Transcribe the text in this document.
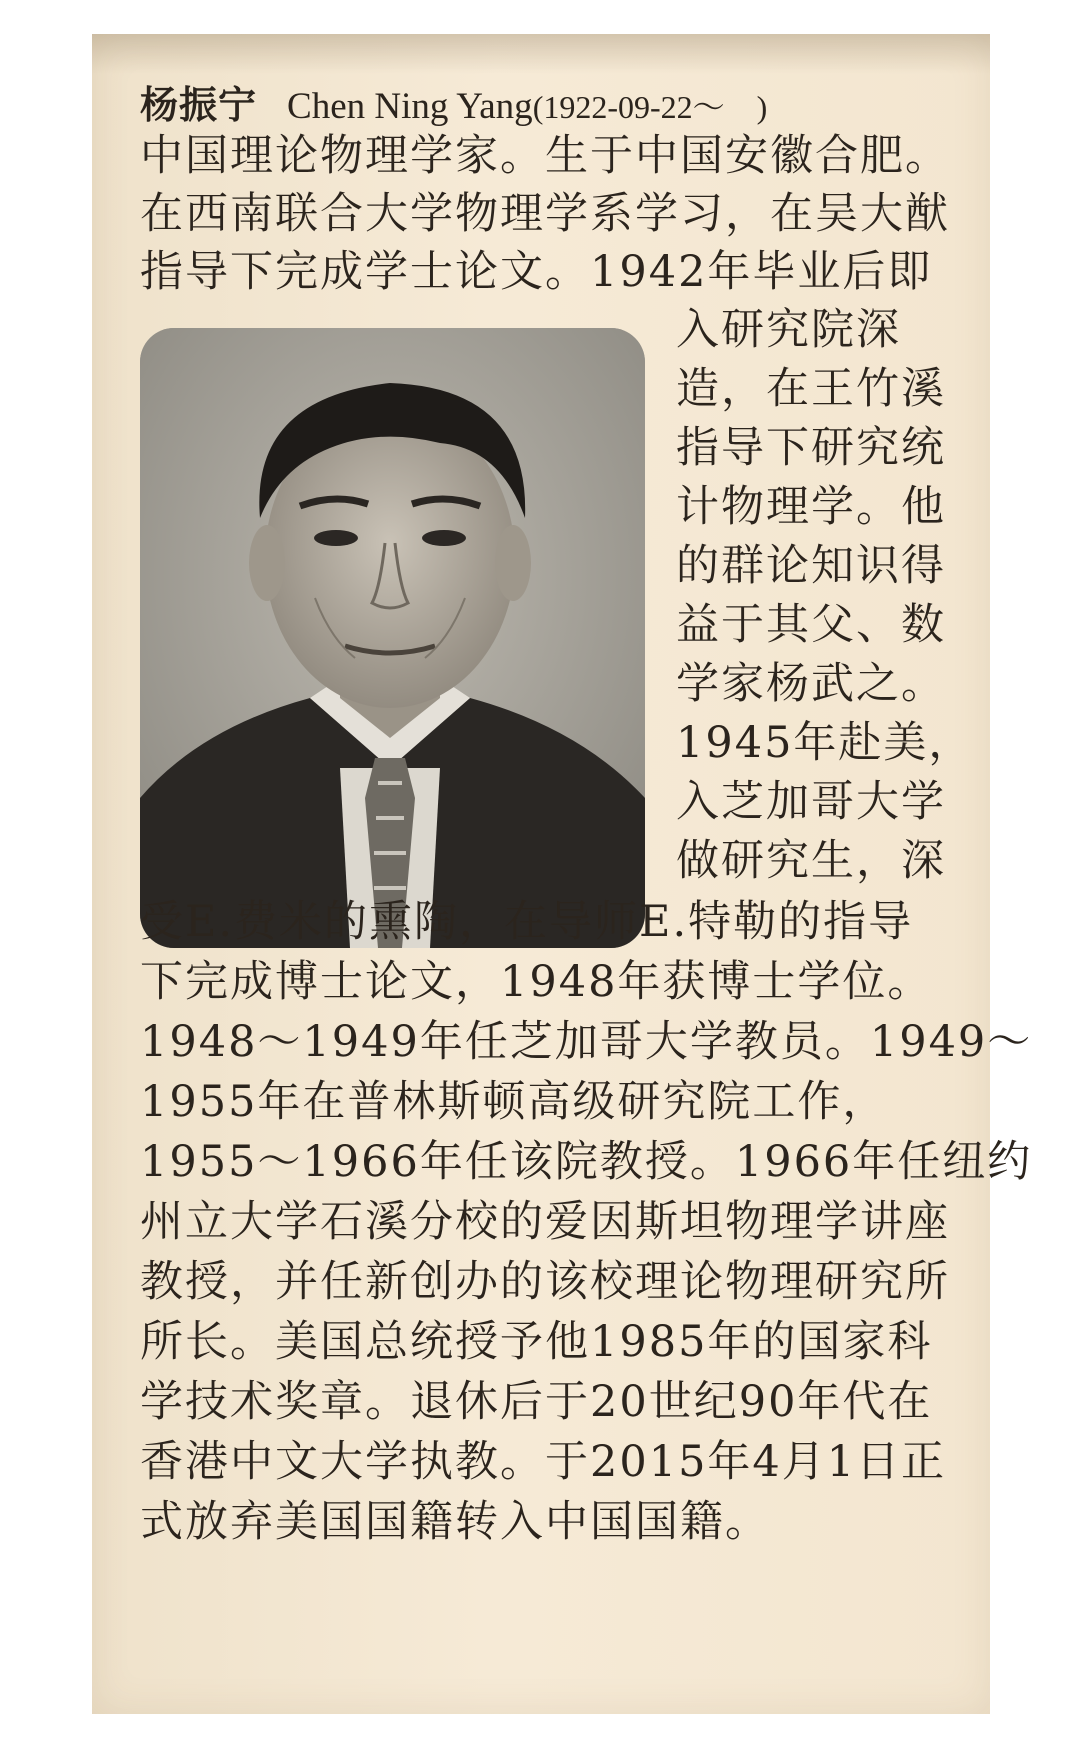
杨振宁 Chen Ning Yang(1922-09-22～　)
中国理论物理学家。生于中国安徽合肥。
在西南联合大学物理学系学习，在吴大猷
指导下完成学士论文。1942年毕业后即
入研究院深
造，在王竹溪
指导下研究统
计物理学。他
的群论知识得
益于其父、数
学家杨武之。
1945年赴美，
入芝加哥大学
做研究生，深
受E.费米的熏陶，在导师E.特勒的指导
下完成博士论文，1948年获博士学位。
1948～1949年任芝加哥大学教员。1949～
1955年在普林斯顿高级研究院工作，
1955～1966年任该院教授。1966年任纽约
州立大学石溪分校的爱因斯坦物理学讲座
教授，并任新创办的该校理论物理研究所
所长。美国总统授予他1985年的国家科
学技术奖章。退休后于20世纪90年代在
香港中文大学执教。于2015年4月1日正
式放弃美国国籍转入中国国籍。
